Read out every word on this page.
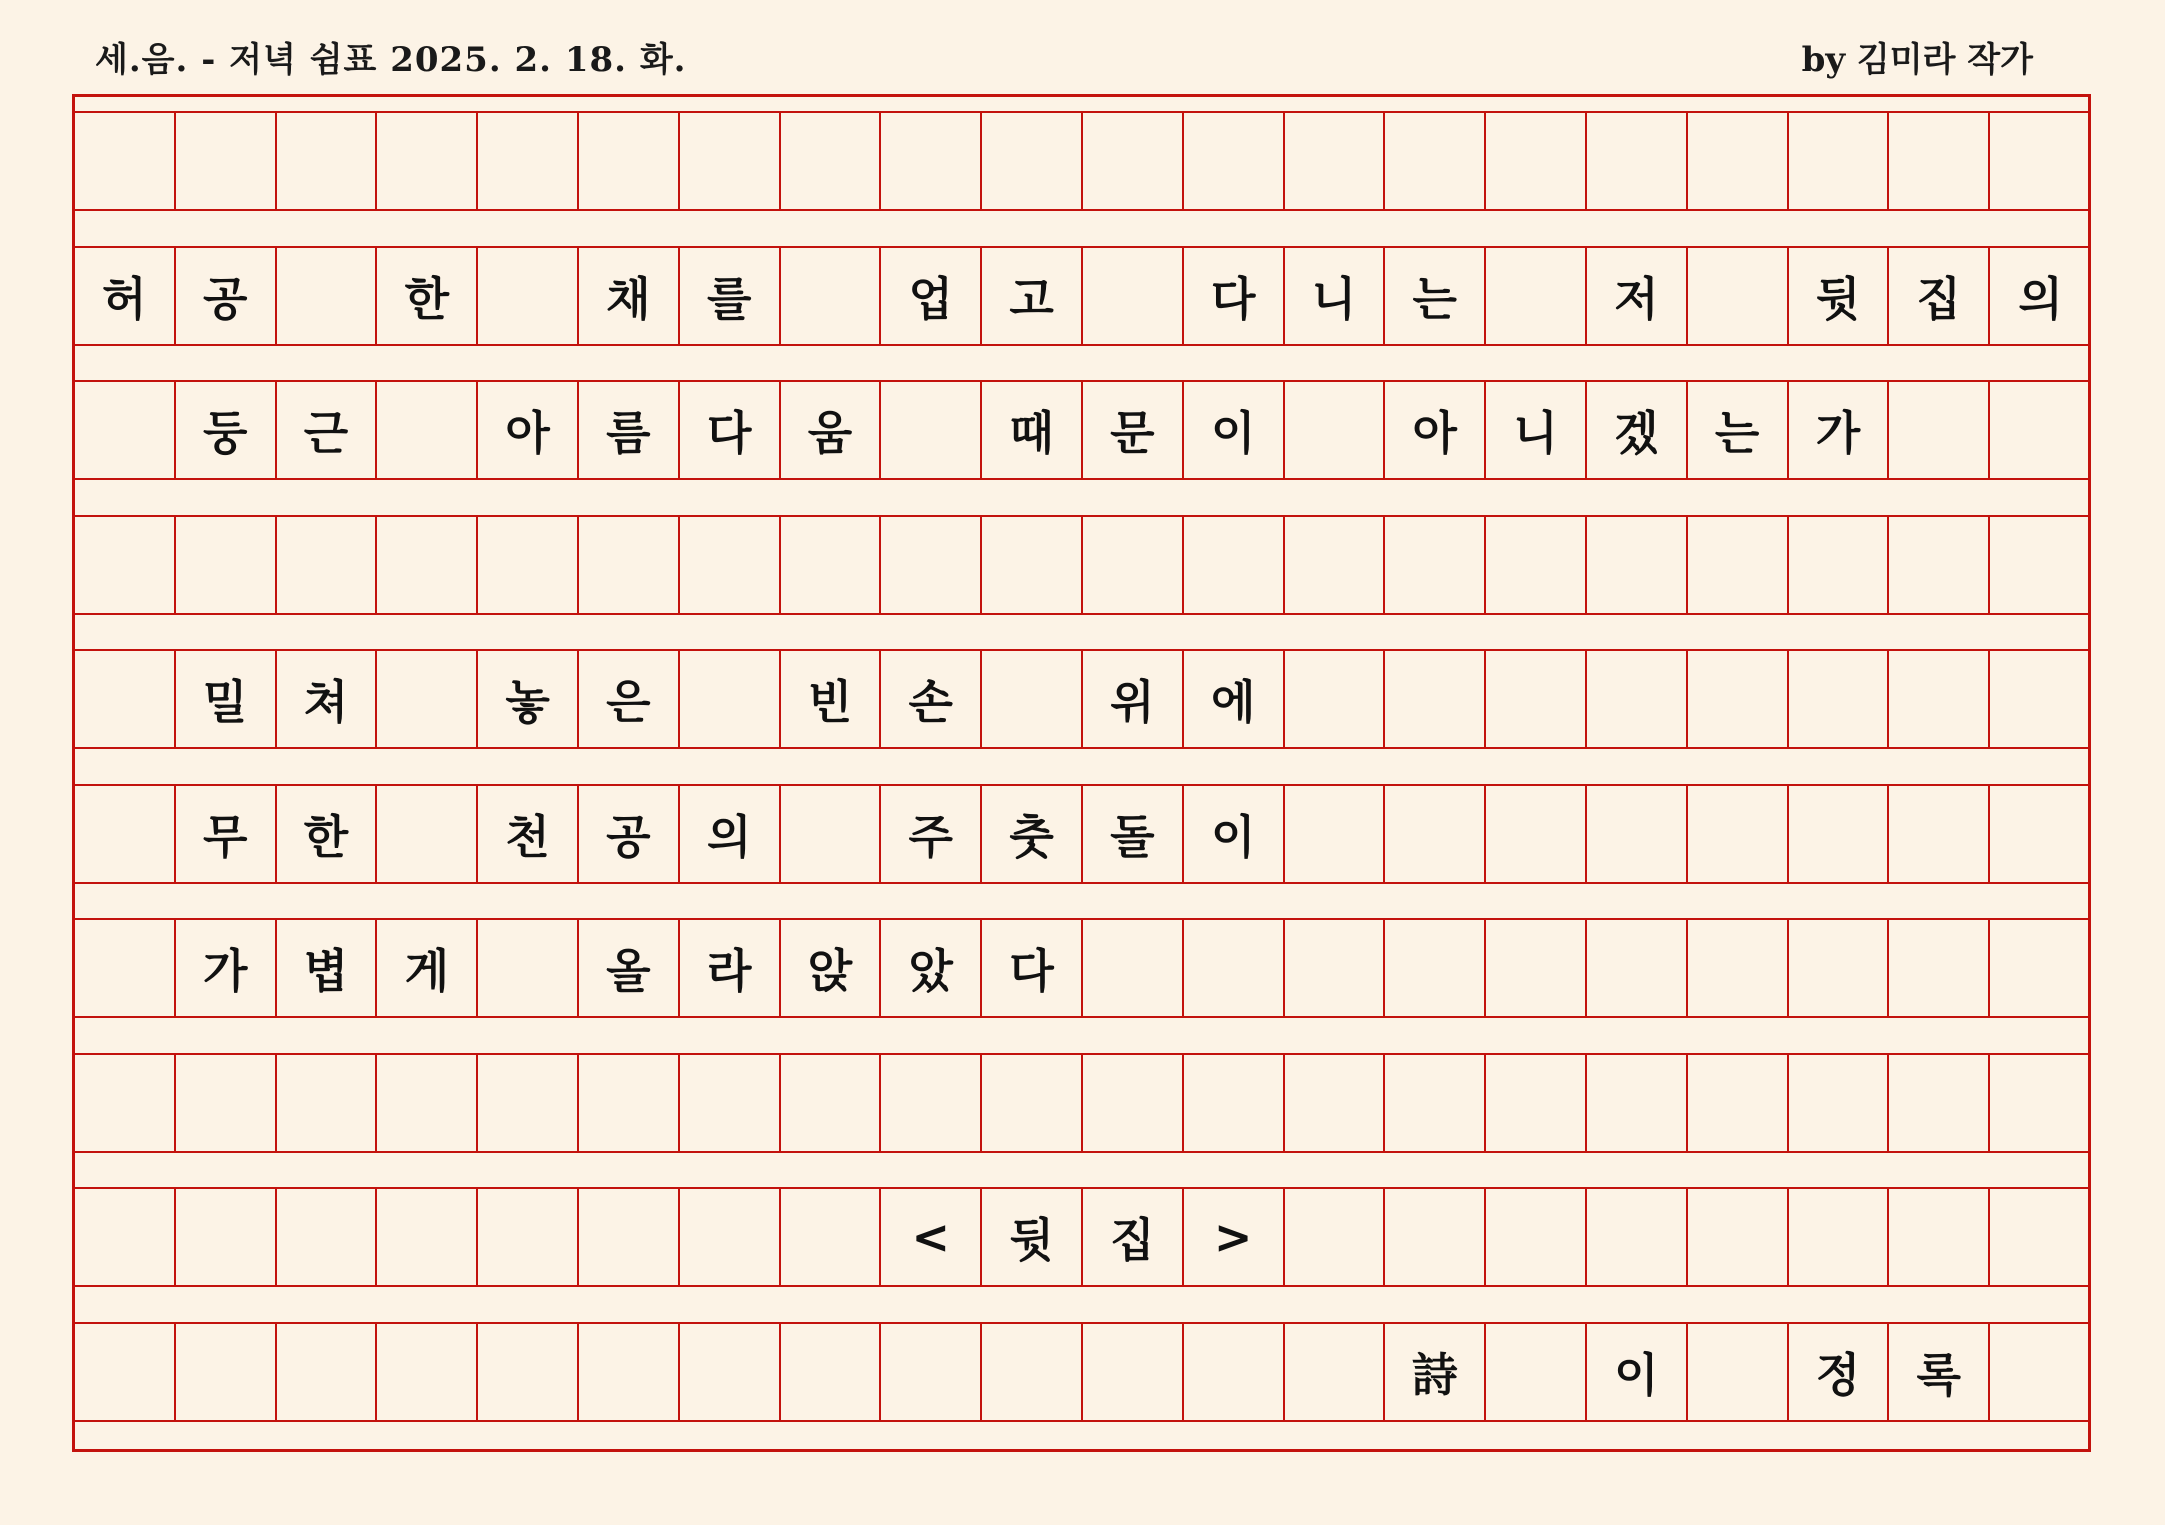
세.음. - 저녁 쉼표 2025. 2. 18. 화.	by 김미라 작가
허	공	한	채	를	업	고	다	니	는	저	뒷	집	의
둥	근	아	름	다	움	때	문	이	아	니	겠	는	가
밀	쳐	놓	은	빈	손	위	에
무	한	천	공	의	주	춧	돌	이
가	볍	게	올	라	앉	았	다
<	뒷	집	>
詩	이	정	록
